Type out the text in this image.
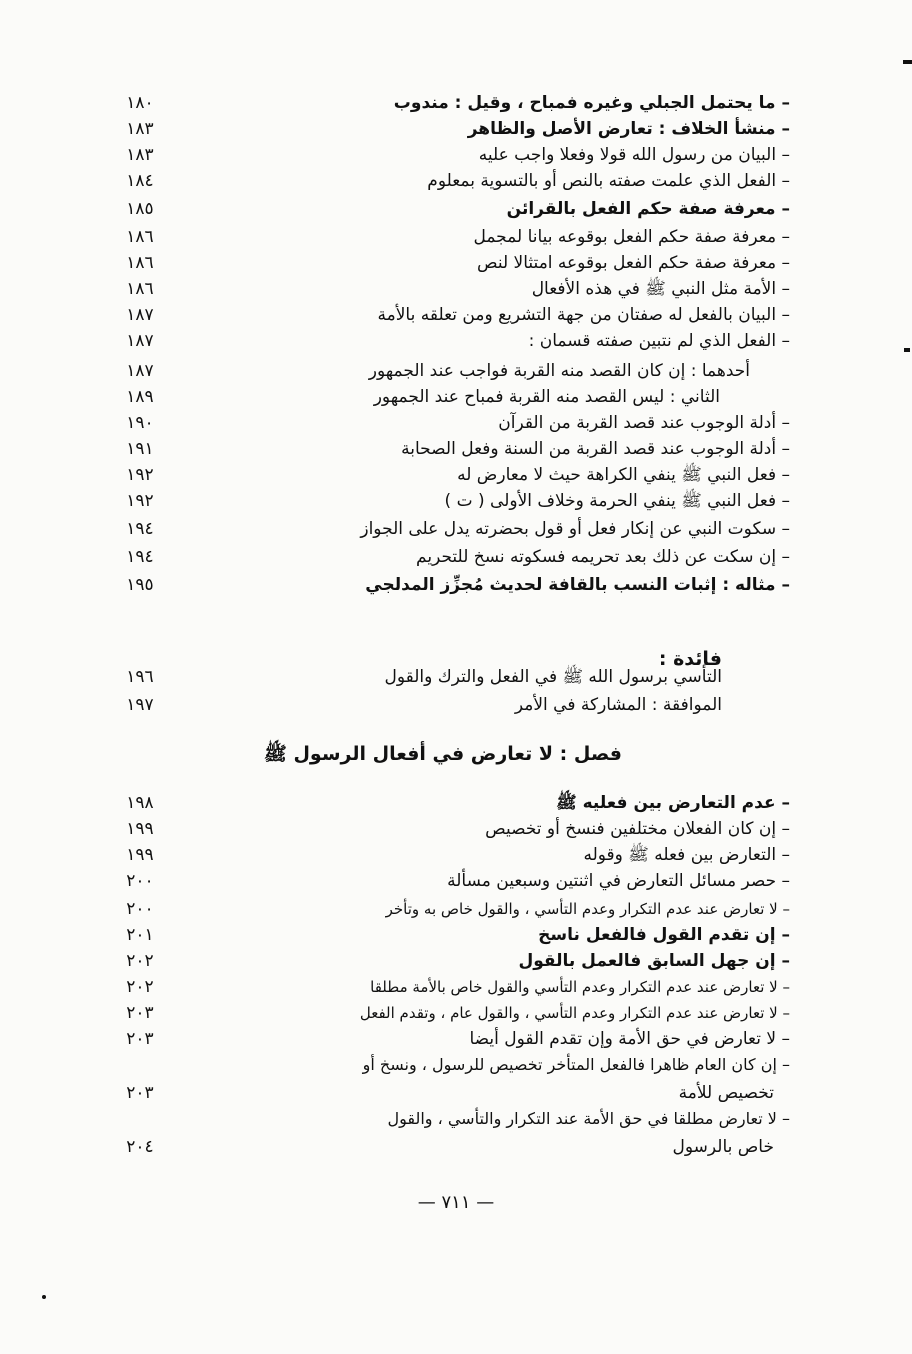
– ما يحتمل الجبلي وغيره فمباح ، وقيل : مندوب
١٨٠
– منشأ الخلاف : تعارض الأصل والظاهر
١٨٣
– البيان من رسول الله قولا وفعلا واجب عليه
١٨٣
– الفعل الذي علمت صفته بالنص أو بالتسوية بمعلوم
١٨٤
– معرفة صفة حكم الفعل بالقرائن
١٨٥
– معرفة صفة حكم الفعل بوقوعه بيانا لمجمل
١٨٦
– معرفة صفة حكم الفعل بوقوعه امتثالا لنص
١٨٦
– الأمة مثل النبي ﷺ في هذه الأفعال
١٨٦
– البيان بالفعل له صفتان من جهة التشريع ومن تعلقه بالأمة
١٨٧
– الفعل الذي لم نتبين صفته قسمان :
١٨٧
أحدهما : إن كان القصد منه القربة فواجب عند الجمهور
١٨٧
الثاني : ليس القصد منه القربة فمباح عند الجمهور
١٨٩
– أدلة الوجوب عند قصد القربة من القرآن
١٩٠
– أدلة الوجوب عند قصد القربة من السنة وفعل الصحابة
١٩١
– فعل النبي ﷺ ينفي الكراهة حيث لا معارض له
١٩٢
– فعل النبي ﷺ ينفي الحرمة وخلاف الأولى ( ت )
١٩٢
– سكوت النبي عن إنكار فعل أو قول بحضرته يدل على الجواز
١٩٤
– إن سكت عن ذلك بعد تحريمه فسكوته نسخ للتحريم
١٩٤
– مثاله : إثبات النسب بالقافة لحديث مُجزِّز المدلجي
١٩٥
فائدة :
التأسي برسول الله ﷺ في الفعل والترك والقول
١٩٦
الموافقة : المشاركة في الأمر
١٩٧
فصل : لا تعارض في أفعال الرسول ﷺ
– عدم التعارض بين فعليه ﷺ
١٩٨
– إن كان الفعلان مختلفين فنسخ أو تخصيص
١٩٩
– التعارض بين فعله ﷺ وقوله
١٩٩
– حصر مسائل التعارض في اثنتين وسبعين مسألة
٢٠٠
– لا تعارض عند عدم التكرار وعدم التأسي ، والقول خاص به وتأخر
٢٠٠
– إن تقدم القول فالفعل ناسخ
٢٠١
– إن جهل السابق فالعمل بالقول
٢٠٢
– لا تعارض عند عدم التكرار وعدم التأسي والقول خاص بالأمة مطلقا
٢٠٢
– لا تعارض عند عدم التكرار وعدم التأسي ، والقول عام ، وتقدم الفعل
٢٠٣
– لا تعارض في حق الأمة وإن تقدم القول أيضا
٢٠٣
– إن كان العام ظاهرا فالفعل المتأخر تخصيص للرسول ، ونسخ أو
تخصيص للأمة
٢٠٣
– لا تعارض مطلقا في حق الأمة عند التكرار والتأسي ، والقول
خاص بالرسول
٢٠٤
— ٧١١ —
